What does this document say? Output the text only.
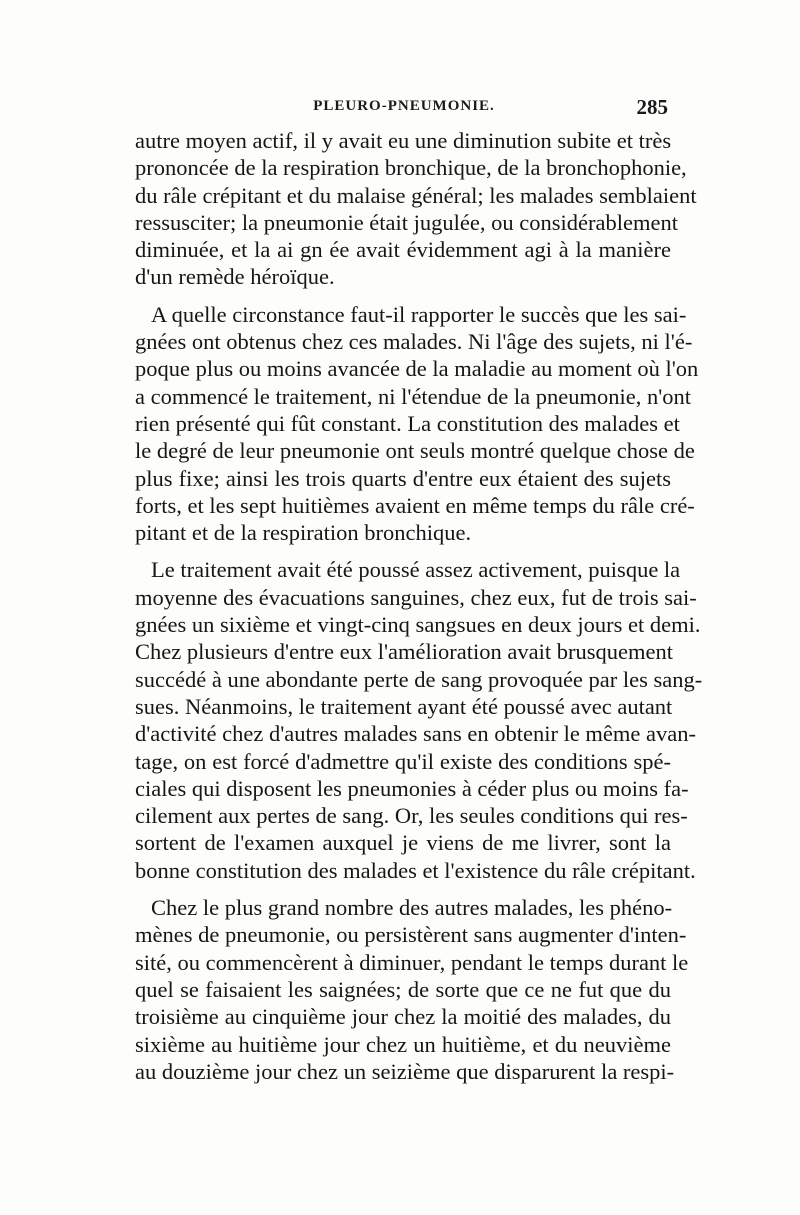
PLEURO-PNEUMONIE.	285
autre moyen actif, il y avait eu une diminution subite et très
prononcée de la respiration bronchique, de la bronchophonie,
du râle crépitant et du malaise général; les malades semblaient
ressusciter; la pneumonie était jugulée, ou considérablement
diminuée, et la ai gn ée avait évidemment agi à la manière
d'un remède héroïque.
A quelle circonstance faut-il rapporter le succès que les sai-
gnées ont obtenus chez ces malades. Ni l'âge des sujets, ni l'é-
poque plus ou moins avancée de la maladie au moment où l'on
a commencé le traitement, ni l'étendue de la pneumonie, n'ont
rien présenté qui fût constant. La constitution des malades et
le degré de leur pneumonie ont seuls montré quelque chose de
plus fixe; ainsi les trois quarts d'entre eux étaient des sujets
forts, et les sept huitièmes avaient en même temps du râle cré-
pitant et de la respiration bronchique.
Le traitement avait été poussé assez activement, puisque la
moyenne des évacuations sanguines, chez eux, fut de trois sai-
gnées un sixième et vingt-cinq sangsues en deux jours et demi.
Chez plusieurs d'entre eux l'amélioration avait brusquement
succédé à une abondante perte de sang provoquée par les sang-
sues. Néanmoins, le traitement ayant été poussé avec autant
d'activité chez d'autres malades sans en obtenir le même avan-
tage, on est forcé d'admettre qu'il existe des conditions spé-
ciales qui disposent les pneumonies à céder plus ou moins fa-
cilement aux pertes de sang. Or, les seules conditions qui res-
sortent de l'examen auxquel je viens de me livrer, sont la
bonne constitution des malades et l'existence du râle crépitant.
Chez le plus grand nombre des autres malades, les phéno-
mènes de pneumonie, ou persistèrent sans augmenter d'inten-
sité, ou commencèrent à diminuer, pendant le temps durant le
quel se faisaient les saignées; de sorte que ce ne fut que du
troisième au cinquième jour chez la moitié des malades, du
sixième au huitième jour chez un huitième, et du neuvième
au douzième jour chez un seizième que disparurent la respi-
